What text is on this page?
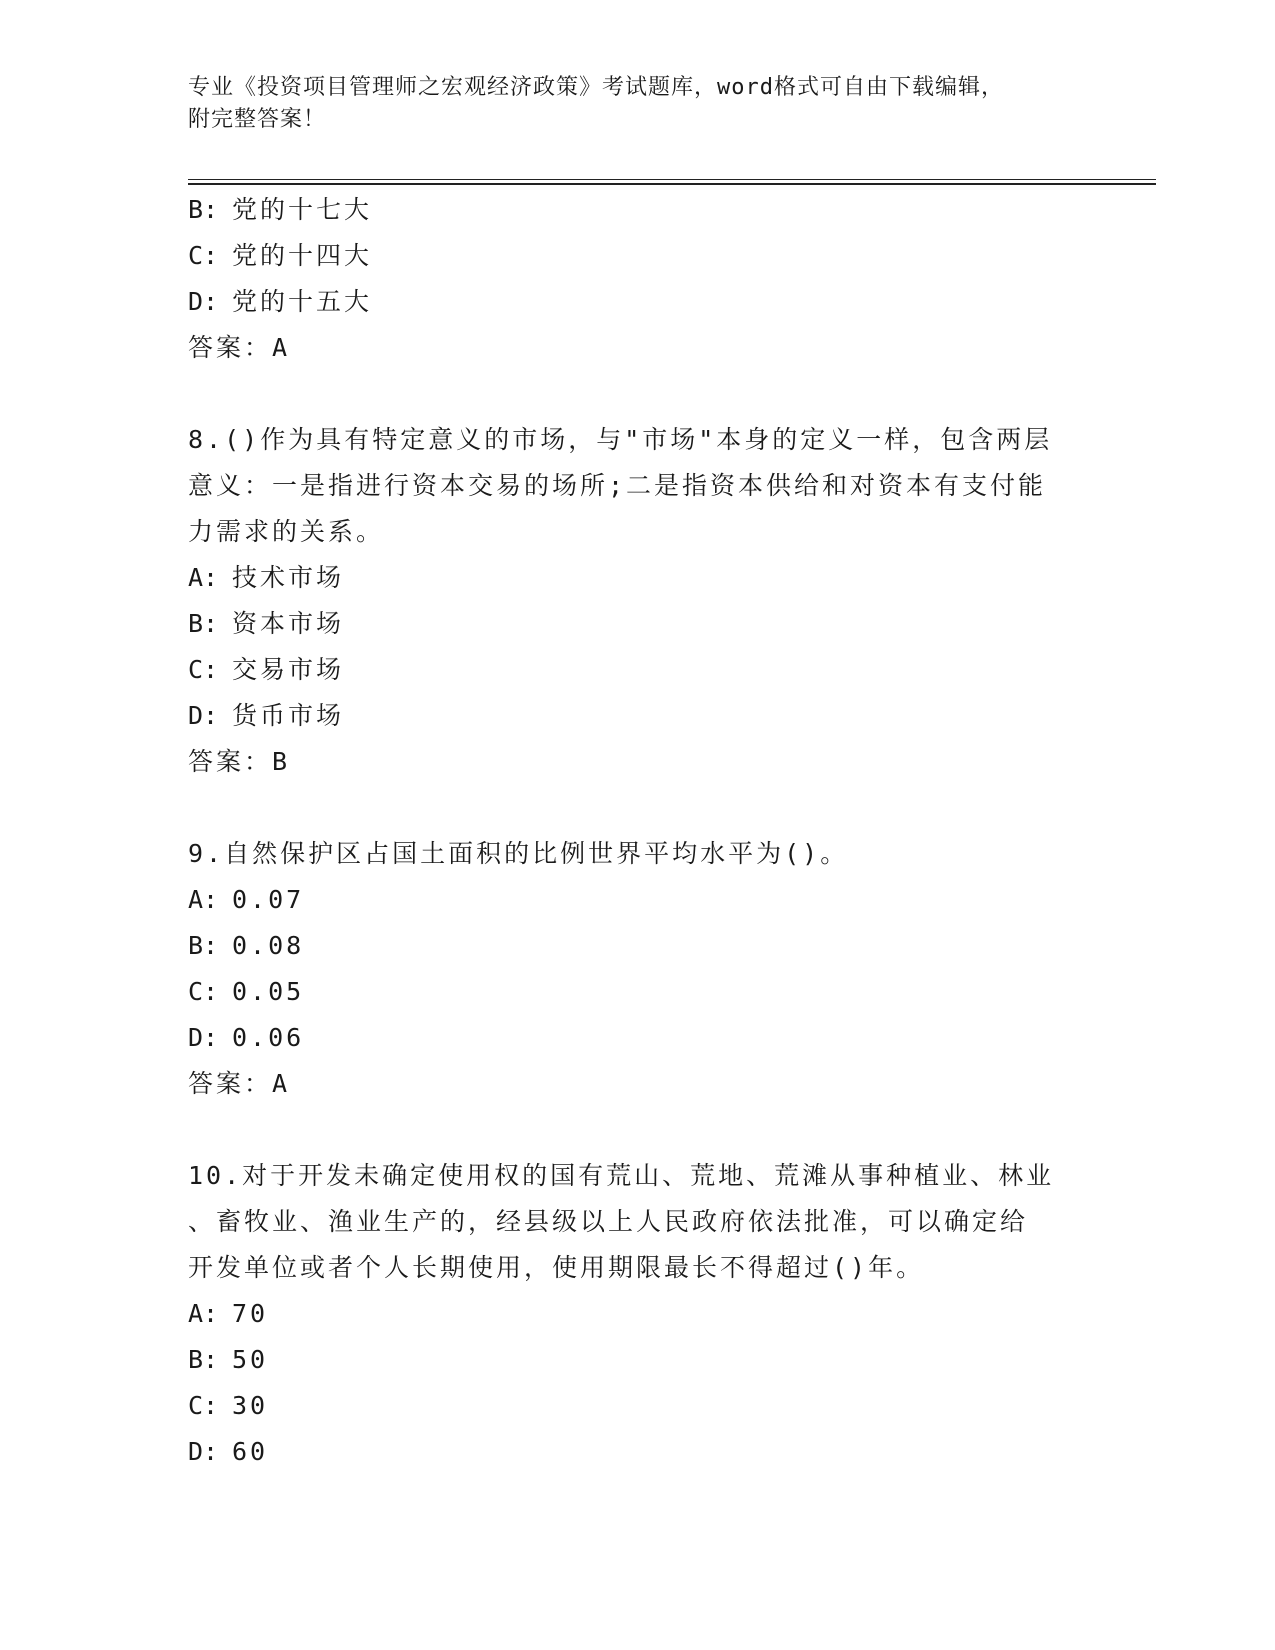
专业《投资项目管理师之宏观经济政策》考试题库，word格式可自由下载编辑，
附完整答案！
B: 党的十七大
C: 党的十四大
D: 党的十五大
答案：A
8.()作为具有特定意义的市场，与"市场"本身的定义一样，包含两层
意义：一是指进行资本交易的场所;二是指资本供给和对资本有支付能
力需求的关系。
A: 技术市场
B: 资本市场
C: 交易市场
D: 货币市场
答案：B
9.自然保护区占国土面积的比例世界平均水平为()。
A: 0.07
B: 0.08
C: 0.05
D: 0.06
答案：A
10.对于开发未确定使用权的国有荒山、荒地、荒滩从事种植业、林业
、畜牧业、渔业生产的，经县级以上人民政府依法批准，可以确定给
开发单位或者个人长期使用，使用期限最长不得超过()年。
A: 70
B: 50
C: 30
D: 60
